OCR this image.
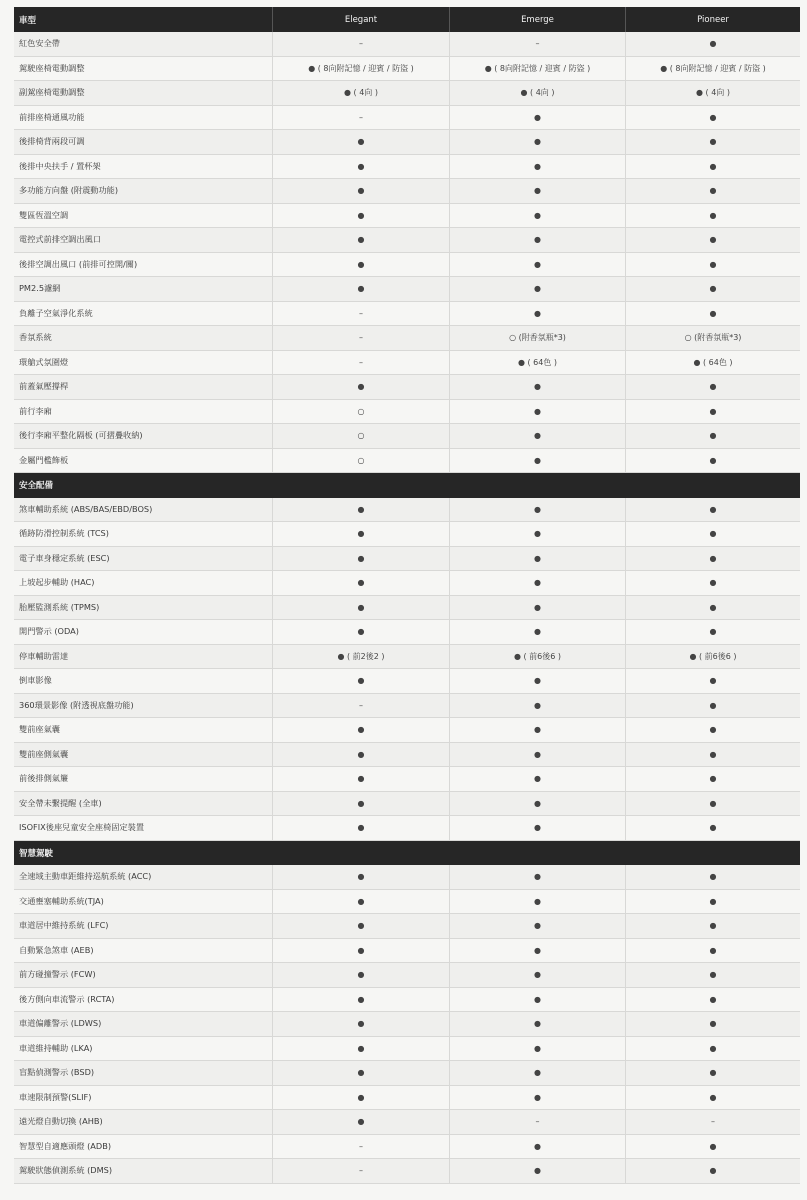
車型	Elegant	Emerge	Pioneer
紅色安全帶	–	–	●
駕駛座椅電動調整	● ( 8向附記憶 / 迎賓 / 防盜 )	● ( 8向附記憶 / 迎賓 / 防盜 )	● ( 8向附記憶 / 迎賓 / 防盜 )
副駕座椅電動調整	● ( 4向 )	● ( 4向 )	● ( 4向 )
前排座椅通風功能	–	●	●
後排椅背兩段可調	●	●	●
後排中央扶手 / 置杯架	●	●	●
多功能方向盤 (附震動功能)	●	●	●
雙區恆溫空調	●	●	●
電控式前排空調出風口	●	●	●
後排空調出風口 (前排可控開/關)	●	●	●
PM2.5濾網	●	●	●
負離子空氣淨化系統	–	●	●
香氛系統	–	○ (附香氛瓶*3)	○ (附香氛瓶*3)
環艙式氛圍燈	–	● ( 64色 )	● ( 64色 )
前蓋氣壓撐桿	●	●	●
前行李廂	○	●	●
後行李廂平整化隔板 (可摺疊收納)	○	●	●
金屬門檻飾板	○	●	●
安全配備
煞車輔助系統 (ABS/BAS/EBD/BOS)	●	●	●
循跡防滑控制系統 (TCS)	●	●	●
電子車身穩定系統 (ESC)	●	●	●
上坡起步輔助 (HAC)	●	●	●
胎壓監測系統 (TPMS)	●	●	●
開門警示 (ODA)	●	●	●
停車輔助雷達	● ( 前2後2 )	● ( 前6後6 )	● ( 前6後6 )
倒車影像	●	●	●
360環景影像 (附透視底盤功能)	–	●	●
雙前座氣囊	●	●	●
雙前座側氣囊	●	●	●
前後排側氣簾	●	●	●
安全帶未繫提醒 (全車)	●	●	●
ISOFIX後座兒童安全座椅固定裝置	●	●	●
智慧駕駛
全速域主動車距維持巡航系統 (ACC)	●	●	●
交通壅塞輔助系統(TJA)	●	●	●
車道居中維持系統 (LFC)	●	●	●
自動緊急煞車 (AEB)	●	●	●
前方碰撞警示 (FCW)	●	●	●
後方側向車流警示 (RCTA)	●	●	●
車道偏離警示 (LDWS)	●	●	●
車道維持輔助 (LKA)	●	●	●
盲點偵測警示 (BSD)	●	●	●
車速限制預警(SLIF)	●	●	●
遠光燈自動切換 (AHB)	●	–	–
智慧型自適應頭燈 (ADB)	–	●	●
駕駛狀態偵測系統 (DMS)	–	●	●
